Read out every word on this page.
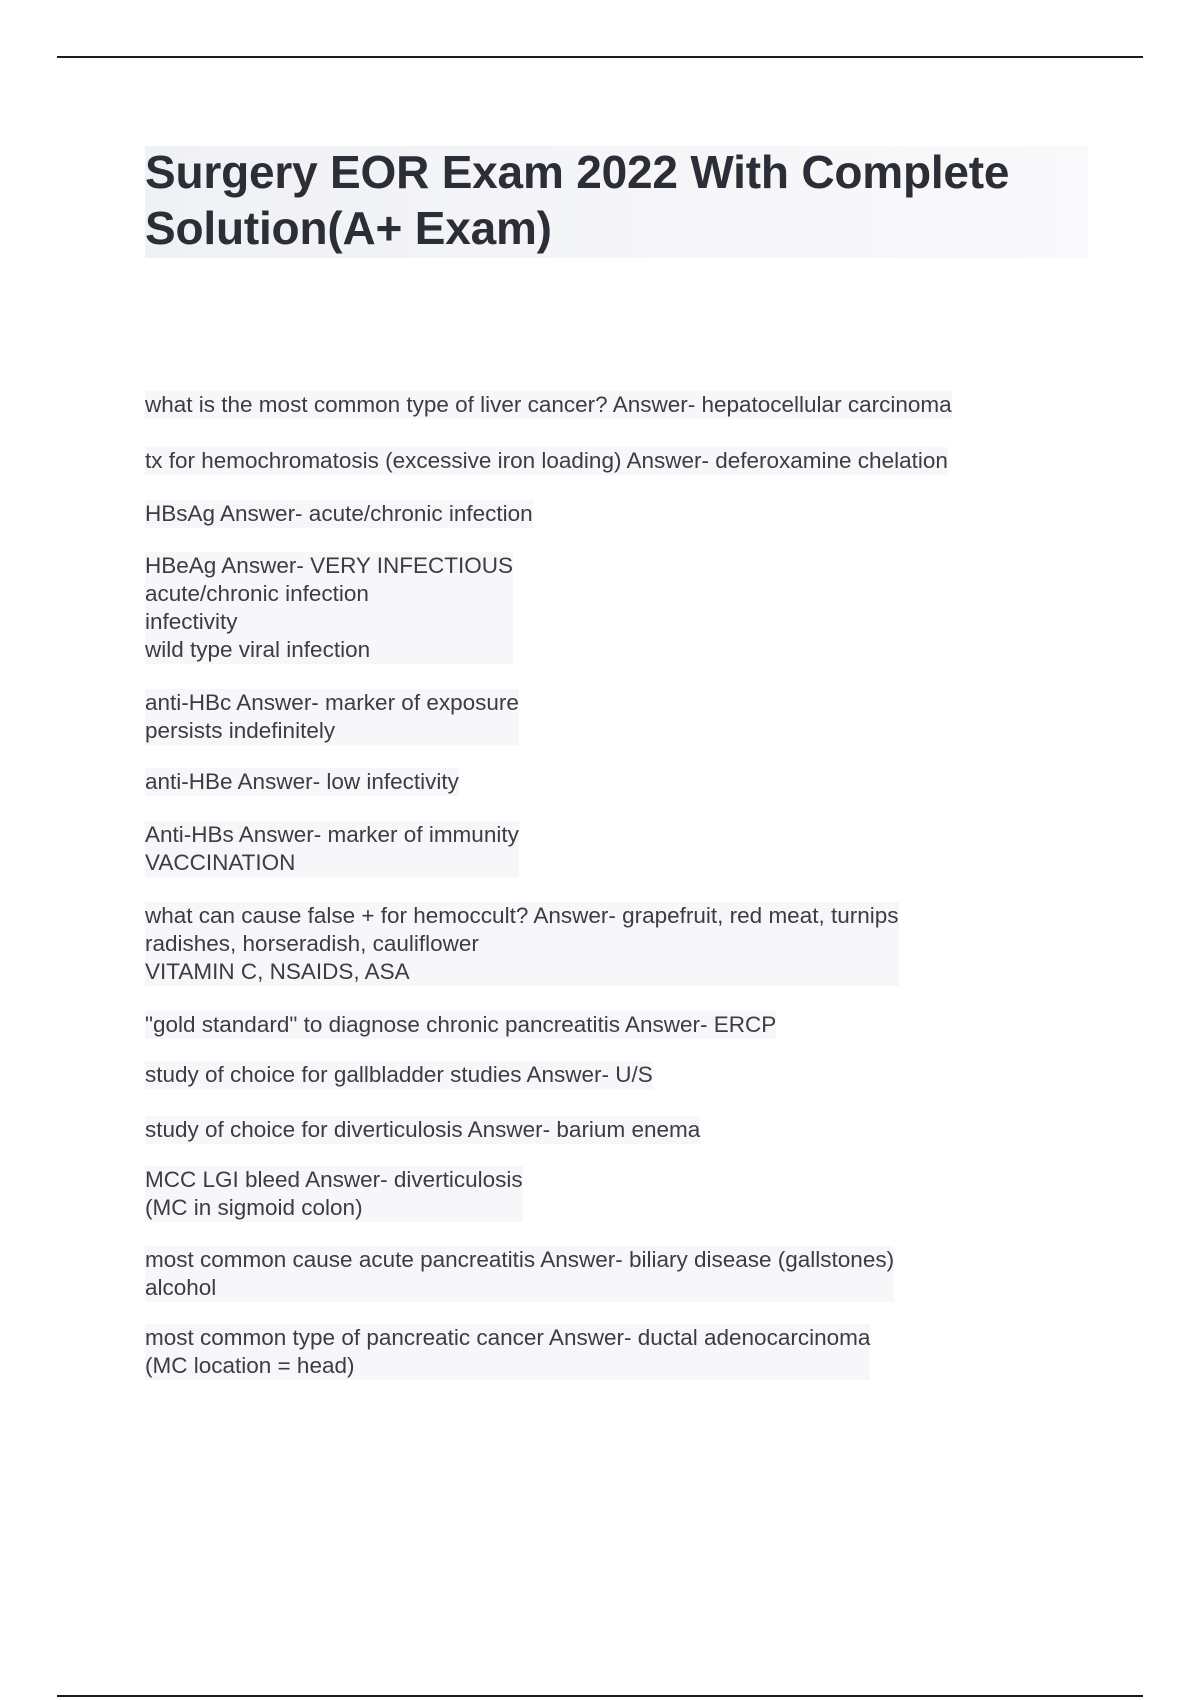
Surgery EOR Exam 2022 With Complete
Solution(A+ Exam)
what is the most common type of liver cancer? Answer- hepatocellular carcinoma
tx for hemochromatosis (excessive iron loading) Answer- deferoxamine chelation
HBsAg Answer- acute/chronic infection
HBeAg Answer- VERY INFECTIOUS
acute/chronic infection
infectivity
wild type viral infection
anti-HBc Answer- marker of exposure
persists indefinitely
anti-HBe Answer- low infectivity
Anti-HBs Answer- marker of immunity
VACCINATION
what can cause false + for hemoccult? Answer- grapefruit, red meat, turnips
radishes, horseradish, cauliflower
VITAMIN C, NSAIDS, ASA
"gold standard" to diagnose chronic pancreatitis Answer- ERCP
study of choice for gallbladder studies Answer- U/S
study of choice for diverticulosis Answer- barium enema
MCC LGI bleed Answer- diverticulosis
(MC in sigmoid colon)
most common cause acute pancreatitis Answer- biliary disease (gallstones)
alcohol
most common type of pancreatic cancer Answer- ductal adenocarcinoma
(MC location = head)
